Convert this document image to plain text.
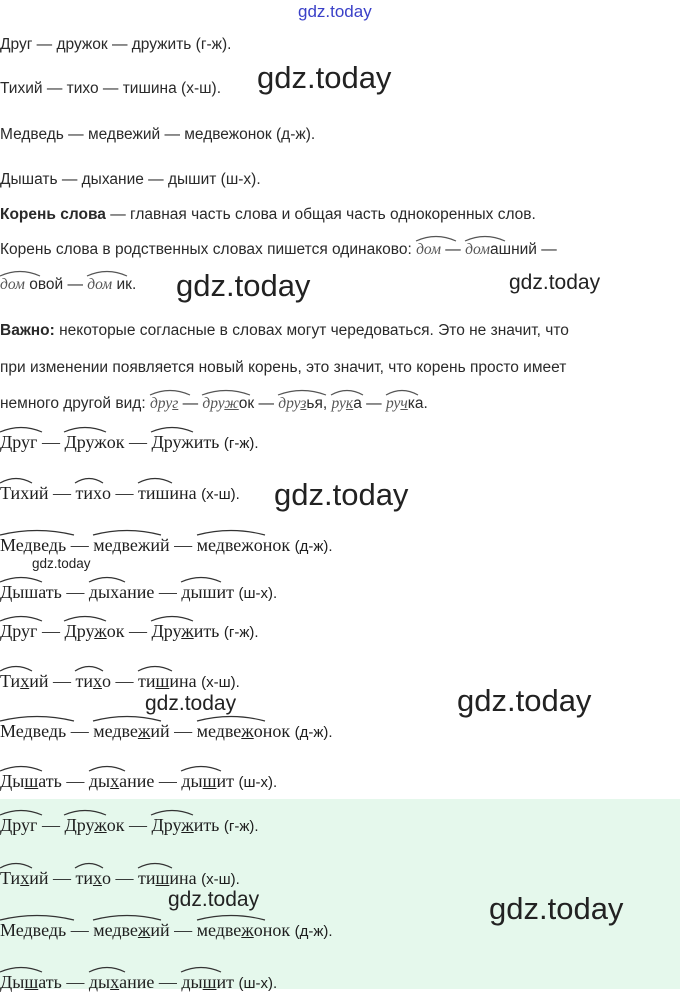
gdz.today
Друг — дружок — дружить (г-ж).
Тихий — тихо — тишина (х-ш).
Медведь — медвежий — медвежонок (д-ж).
Дышать — дыхание — дышит (ш-х).
gdz.today
Корень слова — главная часть слова и общая часть однокоренных слов.
Корень слова в родственных словах пишется одинаково: дом — домашний —
дом овой — дом ик. gdz.today	gdz.today
Важно: некоторые согласные в словах могут чередоваться. Это не значит, что
при изменении появляется новый корень, это значит, что корень просто имеет
немного другой вид: друг — дружок — друзья, рука — ручка.
Друг — Дружок — Дружить (г-ж).
Тихий — тихо — тишина (х-ш).
Медведь — медвежий — медвежонок (д-ж).
Дышать — дыхание — дышит (ш-х).
Друг — Дружок — Дружить (г-ж).
Тихий — тихо — тишина (х-ш).
Медведь — медвежий — медвежонок (д-ж).
Дышать — дыхание — дышит (ш-х).
Друг — Дружок — Дружить (г-ж).
Тихий — тихо — тишина (х-ш).
Медведь — медвежий — медвежонок (д-ж).
Дышать — дыхание — дышит (ш-х).
gdz.today
gdz.today
gdz.today	gdz.today
gdz.today	gdz.today
